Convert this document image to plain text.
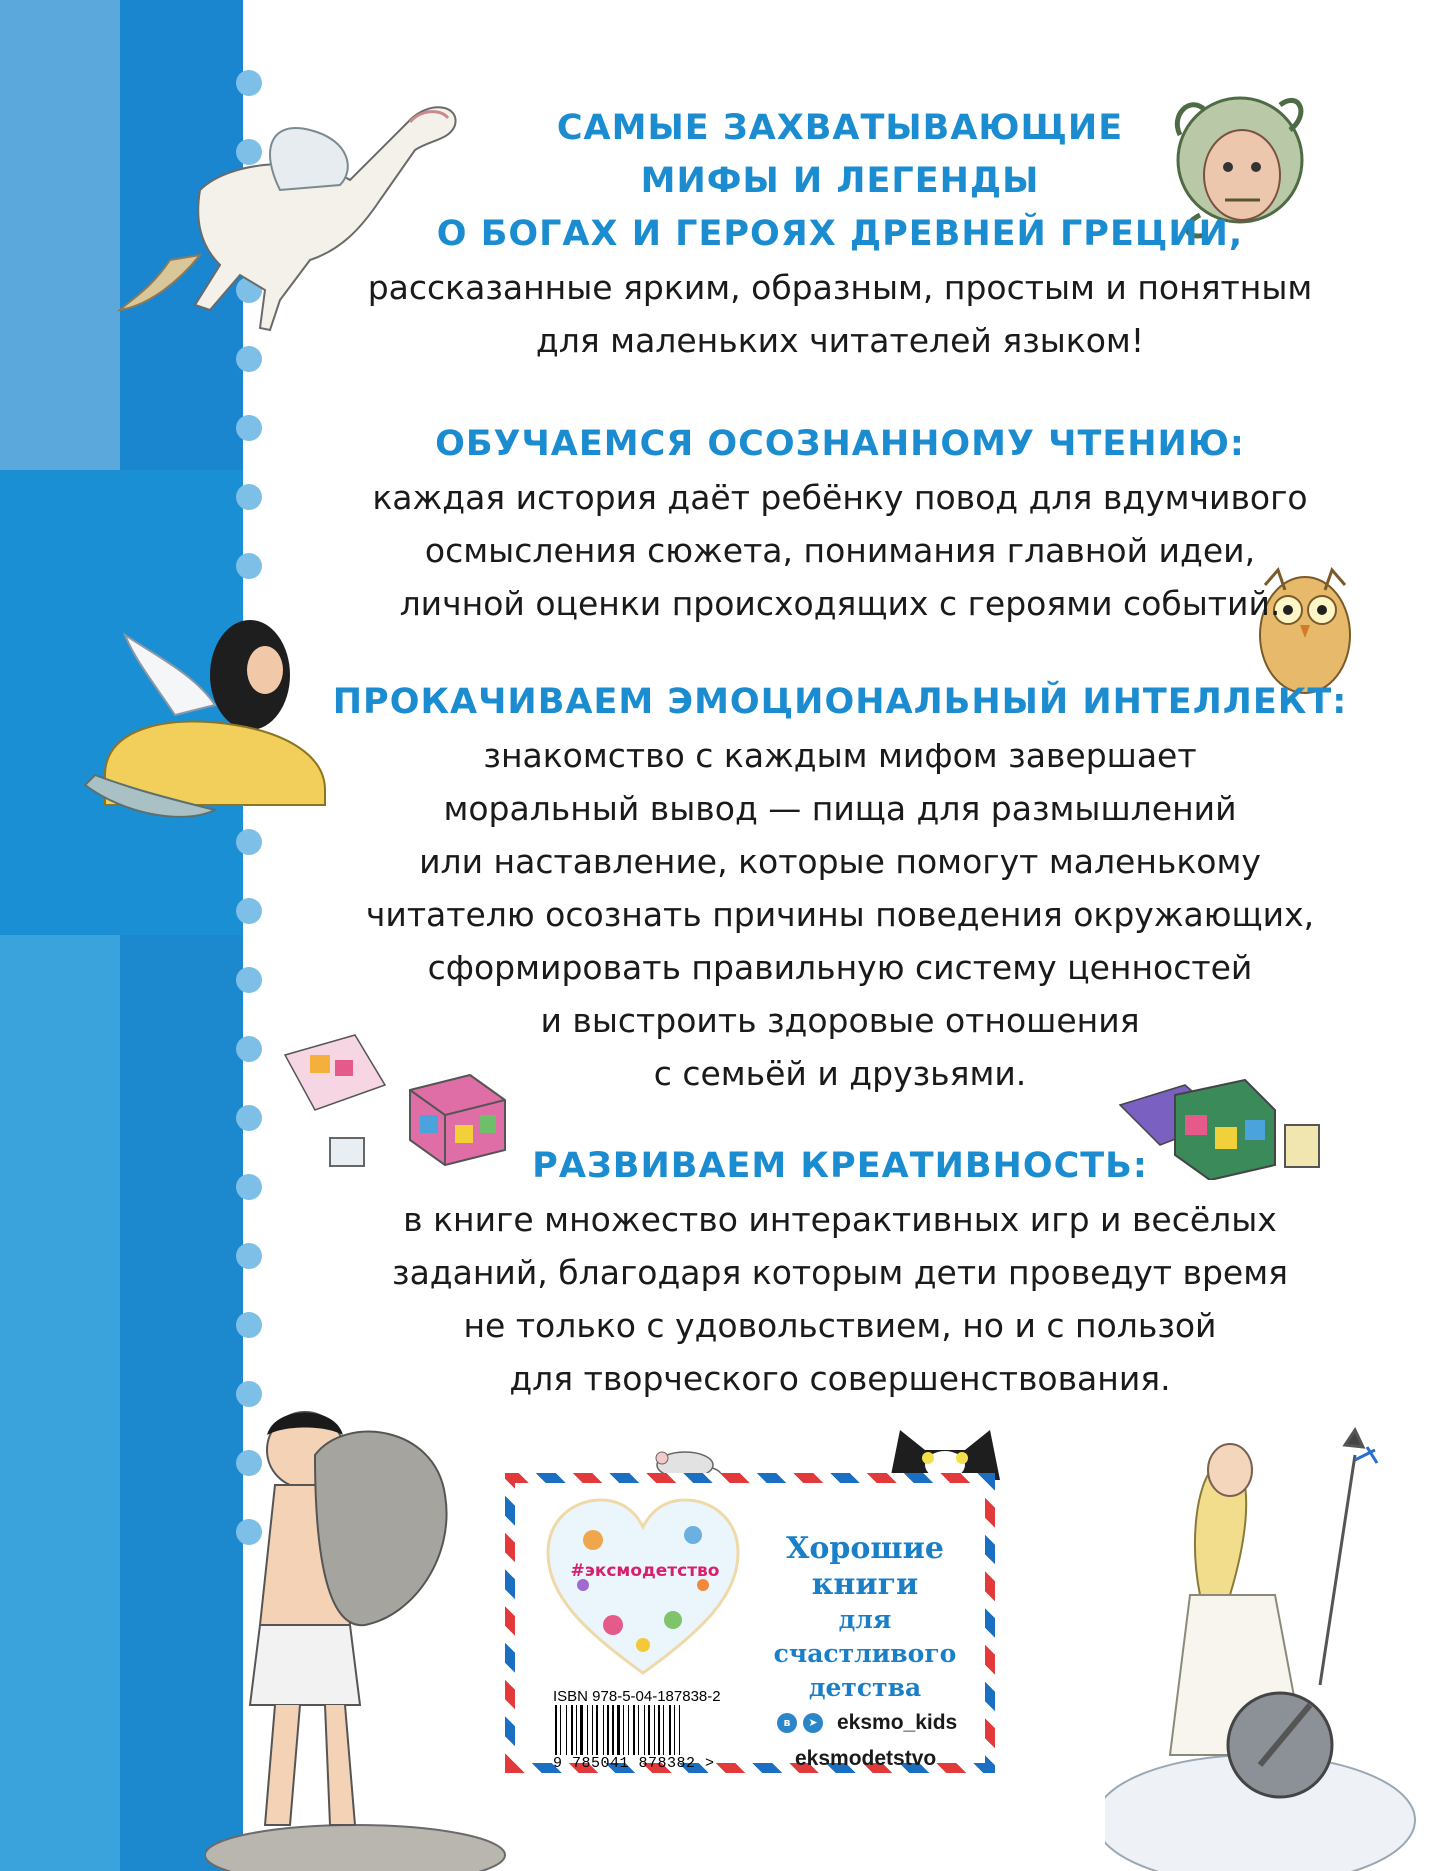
САМЫЕ ЗАХВАТЫВАЮЩИЕ

МИФЫ И ЛЕГЕНДЫ

О БОГАХ И ГЕРОЯХ ДРЕВНЕЙ ГРЕЦИИ,

рассказанные ярким, образным, простым и понятным

для маленьких читателей языком!

ОБУЧАЕМСЯ ОСОЗНАННОМУ ЧТЕНИЮ:

каждая история даёт ребёнку повод для вдумчивого

осмысления сюжета, понимания главной идеи,

личной оценки происходящих с героями событий.

ПРОКАЧИВАЕМ ЭМОЦИОНАЛЬНЫЙ ИНТЕЛЛЕКТ:

знакомство с каждым мифом завершает

моральный вывод — пища для размышлений

или наставление, которые помогут маленькому

читателю осознать причины поведения окружающих,

сформировать правильную систему ценностей

и выстроить здоровые отношения

с семьёй и друзьями.

РАЗВИВАЕМ КРЕАТИВНОСТЬ:

в книге множество интерактивных игр и весёлых

заданий, благодаря которым дети проведут время

не только с удовольствием, но и с пользой

для творческого совершенствования.

#эксмодетство
Хорошие
книги
для счастливого
детства
ISBN 978-5-04-187838-2
9 785041 878382 >
в	➤ eksmo_kids
eksmodetstvo
